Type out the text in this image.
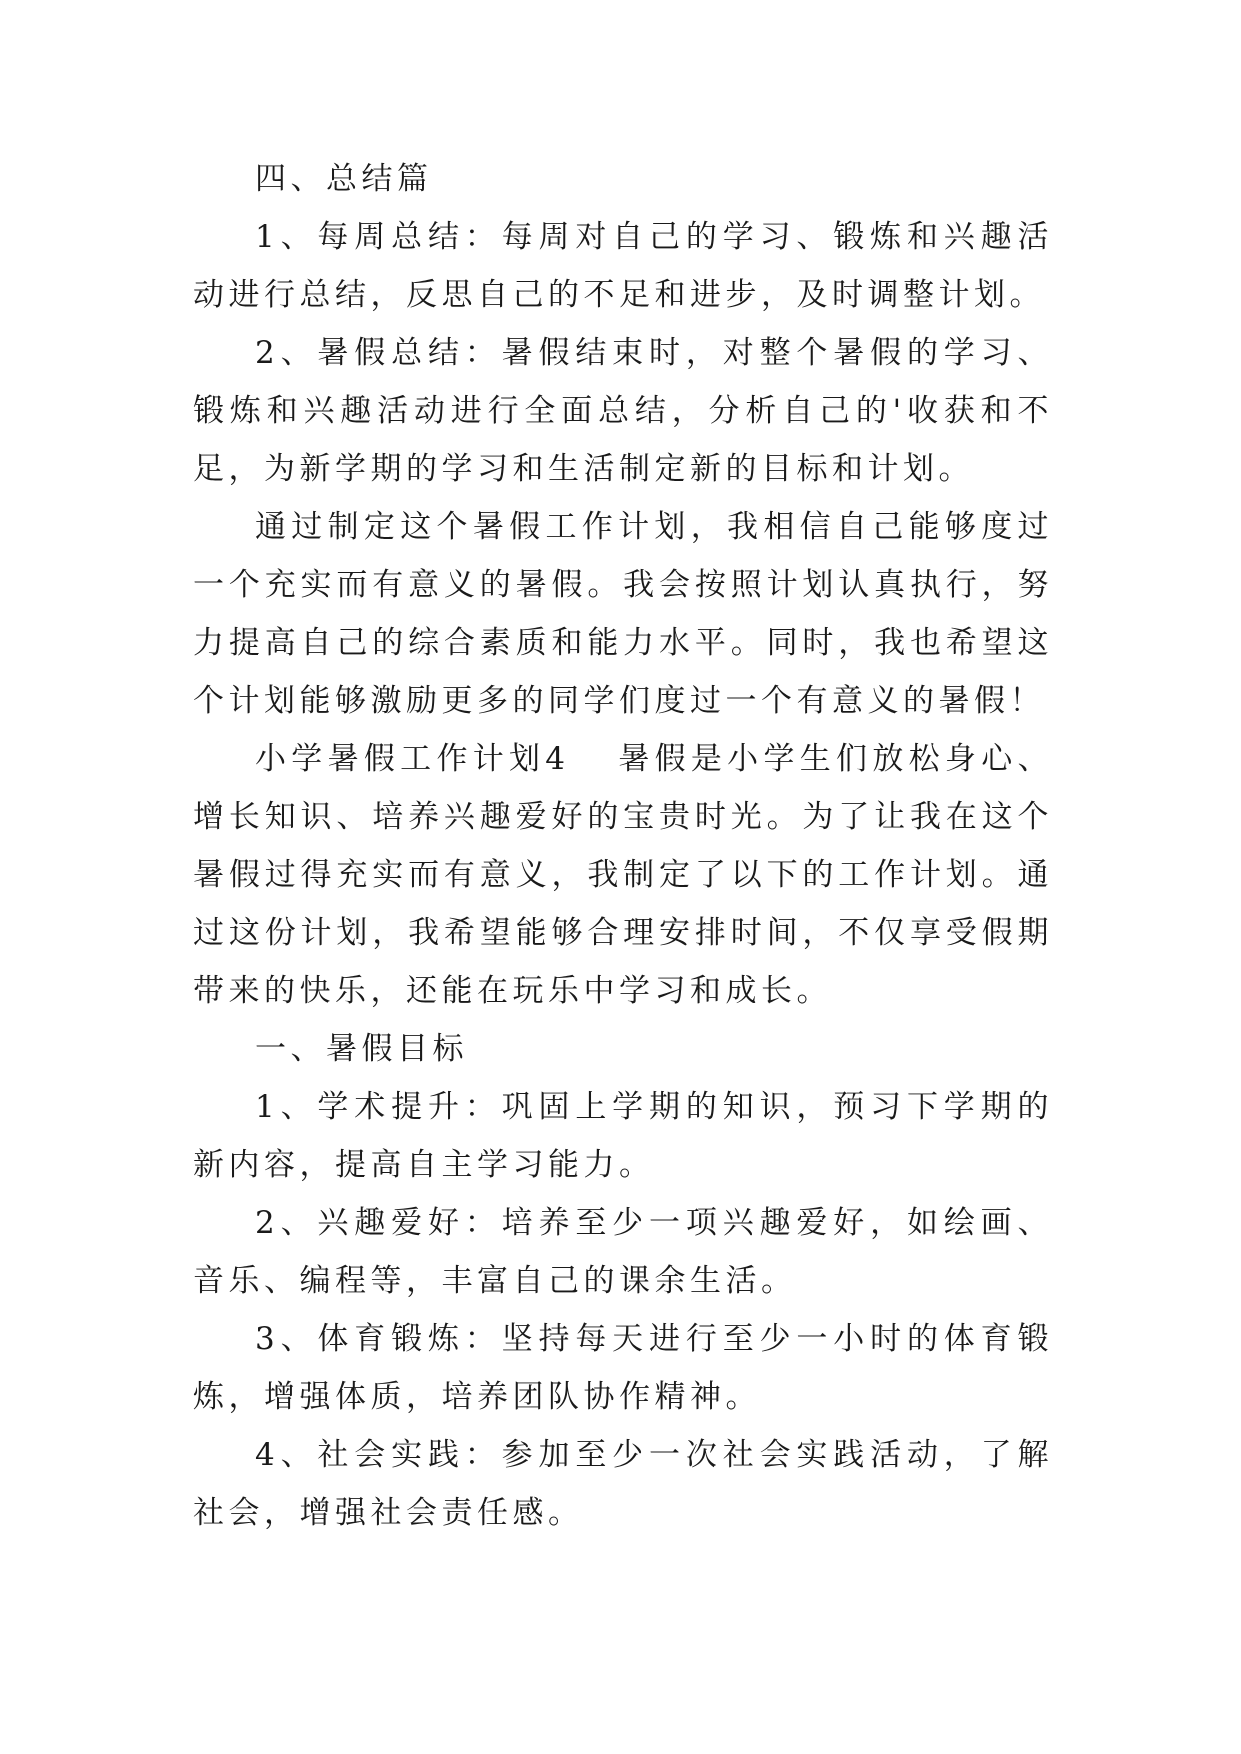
四、总结篇

1、每周总结：每周对自己的学习、锻炼和兴趣活动进行总结，反思自己的不足和进步，及时调整计划。

2、暑假总结：暑假结束时，对整个暑假的学习、锻炼和兴趣活动进行全面总结，分析自己的'收获和不足，为新学期的学习和生活制定新的目标和计划。

通过制定这个暑假工作计划，我相信自己能够度过一个充实而有意义的暑假。我会按照计划认真执行，努力提高自己的综合素质和能力水平。同时，我也希望这个计划能够激励更多的同学们度过一个有意义的暑假！

小学暑假工作计划4 暑假是小学生们放松身心、增长知识、培养兴趣爱好的宝贵时光。为了让我在这个暑假过得充实而有意义，我制定了以下的工作计划。通过这份计划，我希望能够合理安排时间，不仅享受假期带来的快乐，还能在玩乐中学习和成长。

一、暑假目标

1、学术提升：巩固上学期的知识，预习下学期的新内容，提高自主学习能力。

2、兴趣爱好：培养至少一项兴趣爱好，如绘画、音乐、编程等，丰富自己的课余生活。

3、体育锻炼：坚持每天进行至少一小时的体育锻炼，增强体质，培养团队协作精神。

4、社会实践：参加至少一次社会实践活动，了解社会，增强社会责任感。
